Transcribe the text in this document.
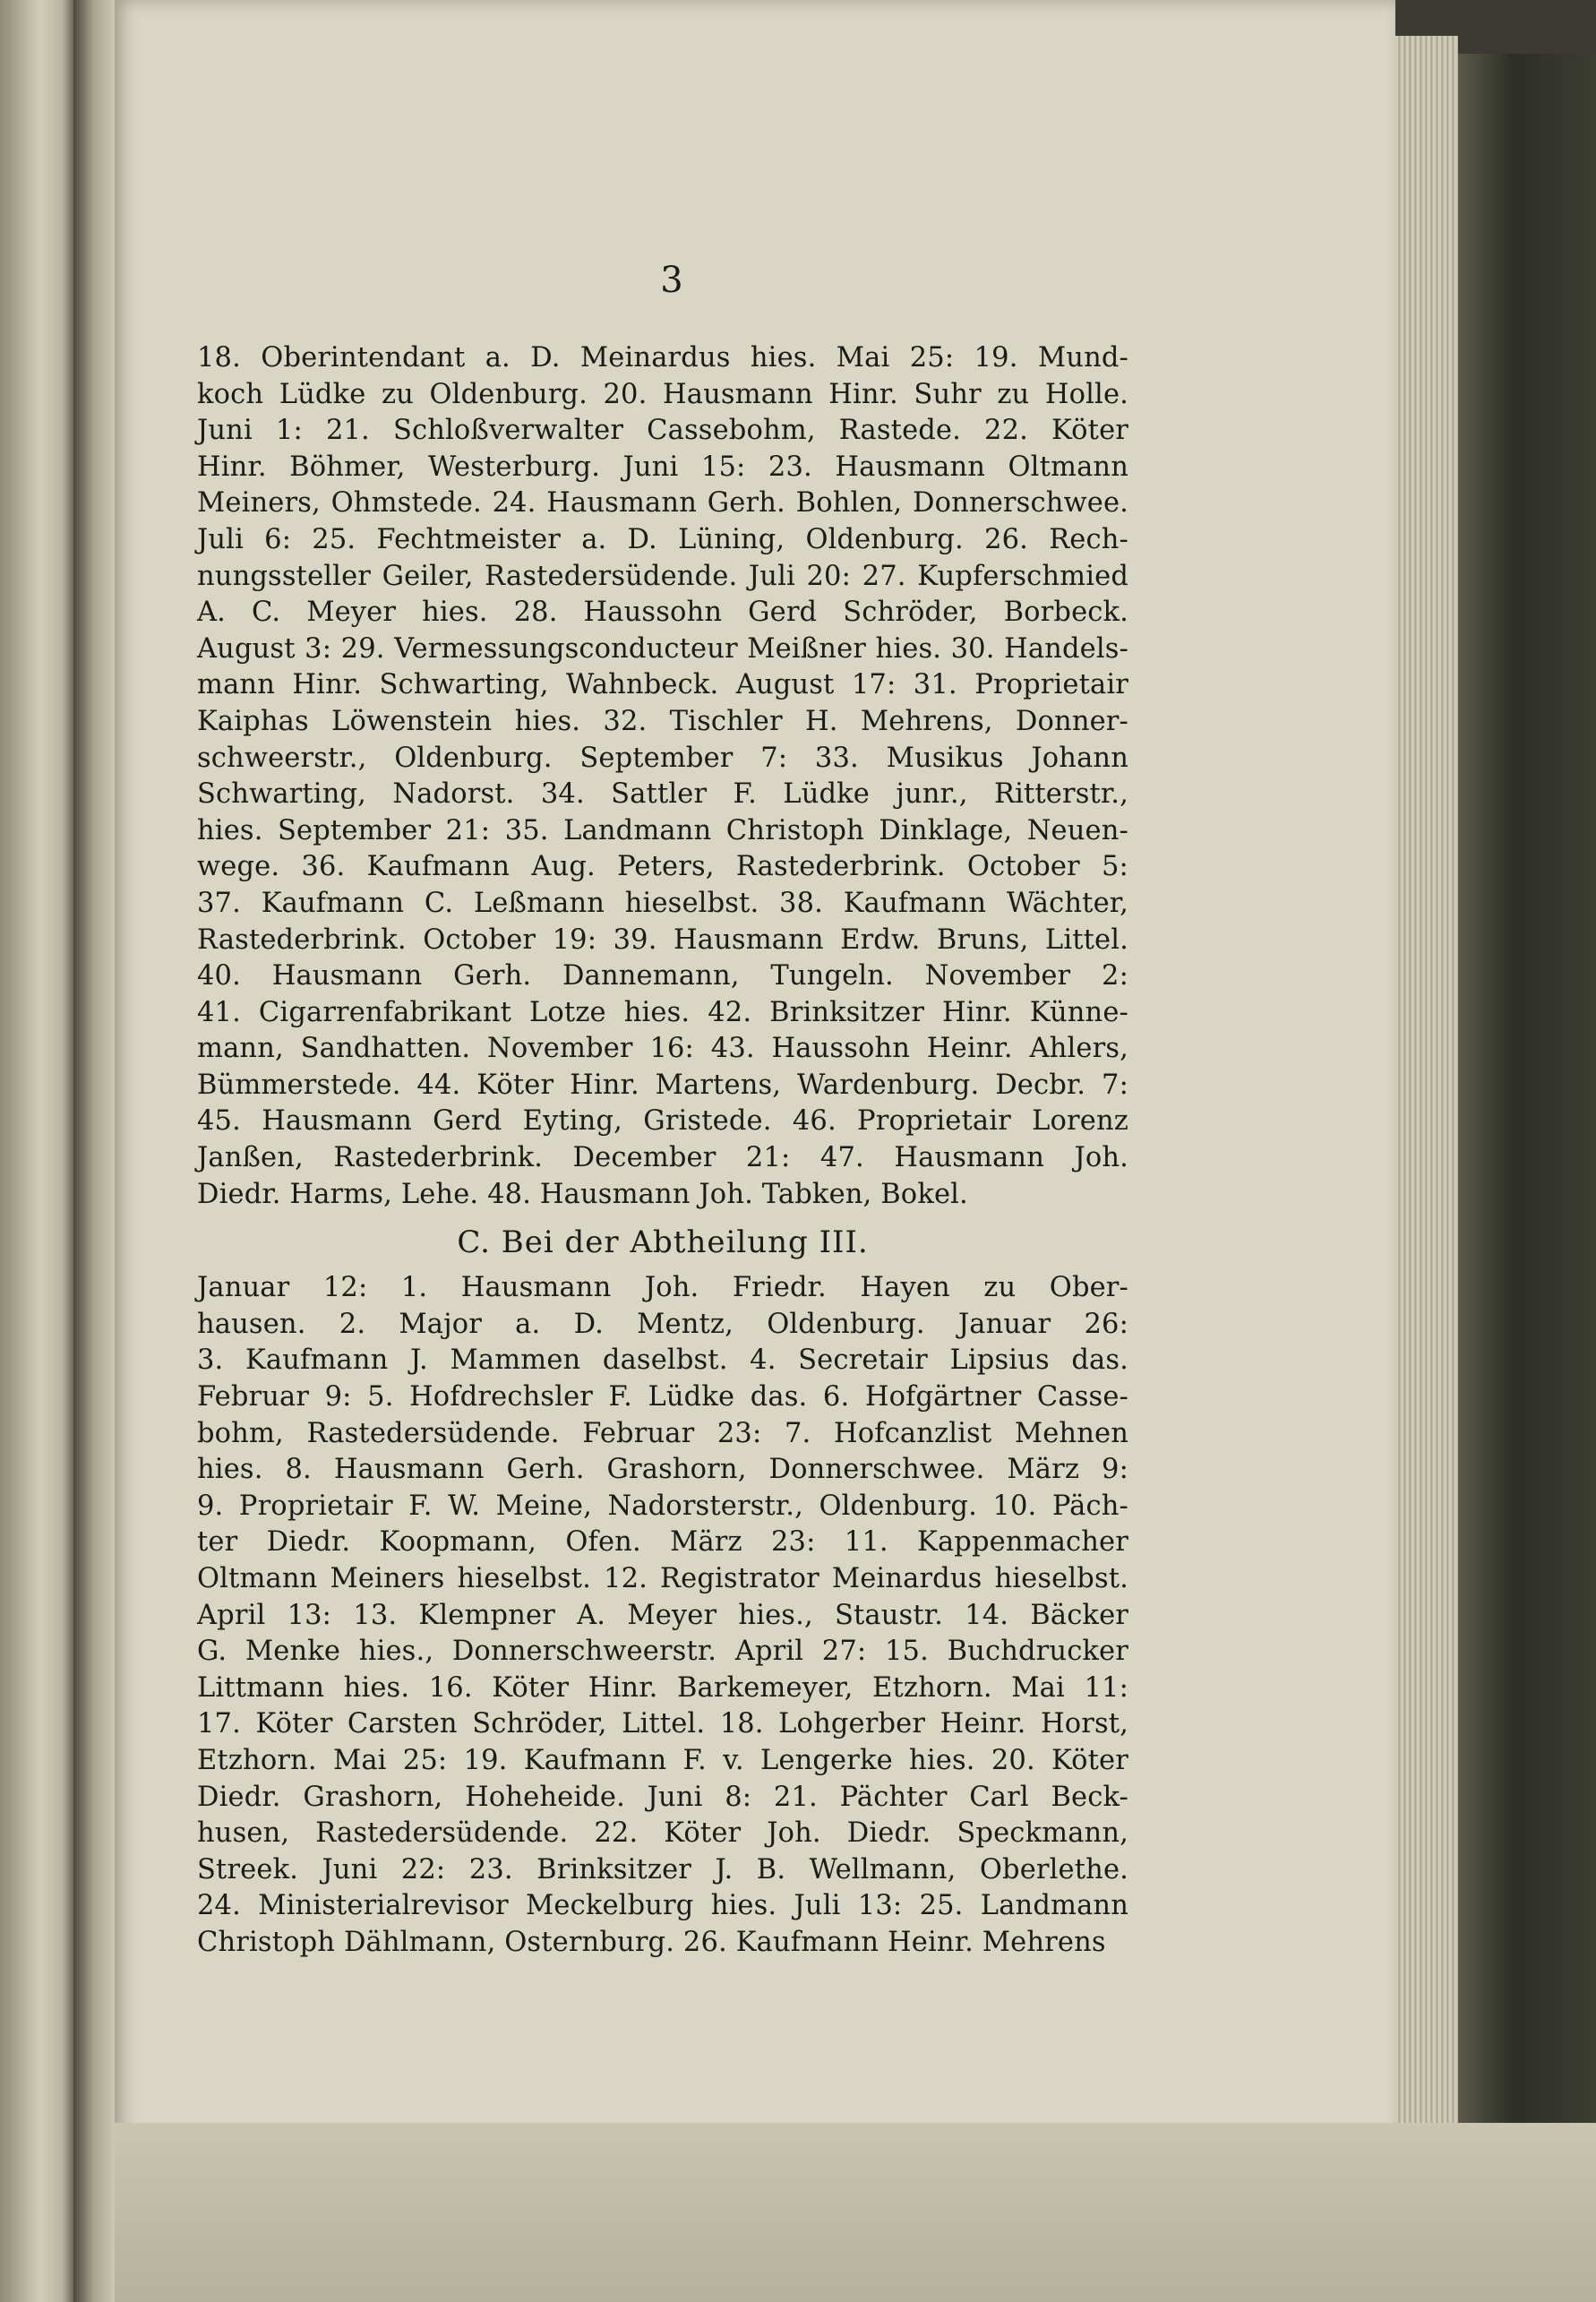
3
18. Oberintendant a. D. Meinardus hies. Mai 25: 19. Mund-
koch Lüdke zu Oldenburg. 20. Hausmann Hinr. Suhr zu Holle.
Juni 1: 21. Schloßverwalter Cassebohm, Rastede. 22. Köter
Hinr. Böhmer, Westerburg. Juni 15: 23. Hausmann Oltmann
Meiners, Ohmstede. 24. Hausmann Gerh. Bohlen, Donnerschwee.
Juli 6: 25. Fechtmeister a. D. Lüning, Oldenburg. 26. Rech-
nungssteller Geiler, Rastedersüdende. Juli 20: 27. Kupferschmied
A. C. Meyer hies. 28. Haussohn Gerd Schröder, Borbeck.
August 3: 29. Vermessungsconducteur Meißner hies. 30. Handels-
mann Hinr. Schwarting, Wahnbeck. August 17: 31. Proprietair
Kaiphas Löwenstein hies. 32. Tischler H. Mehrens, Donner-
schweerstr., Oldenburg. September 7: 33. Musikus Johann
Schwarting, Nadorst. 34. Sattler F. Lüdke junr., Ritterstr.,
hies. September 21: 35. Landmann Christoph Dinklage, Neuen-
wege. 36. Kaufmann Aug. Peters, Rastederbrink. October 5:
37. Kaufmann C. Leßmann hieselbst. 38. Kaufmann Wächter,
Rastederbrink. October 19: 39. Hausmann Erdw. Bruns, Littel.
40. Hausmann Gerh. Dannemann, Tungeln. November 2:
41. Cigarrenfabrikant Lotze hies. 42. Brinksitzer Hinr. Künne-
mann, Sandhatten. November 16: 43. Haussohn Heinr. Ahlers,
Bümmerstede. 44. Köter Hinr. Martens, Wardenburg. Decbr. 7:
45. Hausmann Gerd Eyting, Gristede. 46. Proprietair Lorenz
Janßen, Rastederbrink. December 21: 47. Hausmann Joh.
Diedr. Harms, Lehe. 48. Hausmann Joh. Tabken, Bokel.
C. Bei der Abtheilung III.
Januar 12: 1. Hausmann Joh. Friedr. Hayen zu Ober-
hausen. 2. Major a. D. Mentz, Oldenburg. Januar 26:
3. Kaufmann J. Mammen daselbst. 4. Secretair Lipsius das.
Februar 9: 5. Hofdrechsler F. Lüdke das. 6. Hofgärtner Casse-
bohm, Rastedersüdende. Februar 23: 7. Hofcanzlist Mehnen
hies. 8. Hausmann Gerh. Grashorn, Donnerschwee. März 9:
9. Proprietair F. W. Meine, Nadorsterstr., Oldenburg. 10. Päch-
ter Diedr. Koopmann, Ofen. März 23: 11. Kappenmacher
Oltmann Meiners hieselbst. 12. Registrator Meinardus hieselbst.
April 13: 13. Klempner A. Meyer hies., Staustr. 14. Bäcker
G. Menke hies., Donnerschweerstr. April 27: 15. Buchdrucker
Littmann hies. 16. Köter Hinr. Barkemeyer, Etzhorn. Mai 11:
17. Köter Carsten Schröder, Littel. 18. Lohgerber Heinr. Horst,
Etzhorn. Mai 25: 19. Kaufmann F. v. Lengerke hies. 20. Köter
Diedr. Grashorn, Hoheheide. Juni 8: 21. Pächter Carl Beck-
husen, Rastedersüdende. 22. Köter Joh. Diedr. Speckmann,
Streek. Juni 22: 23. Brinksitzer J. B. Wellmann, Oberlethe.
24. Ministerialrevisor Meckelburg hies. Juli 13: 25. Landmann
Christoph Dählmann, Osternburg. 26. Kaufmann Heinr. Mehrens
